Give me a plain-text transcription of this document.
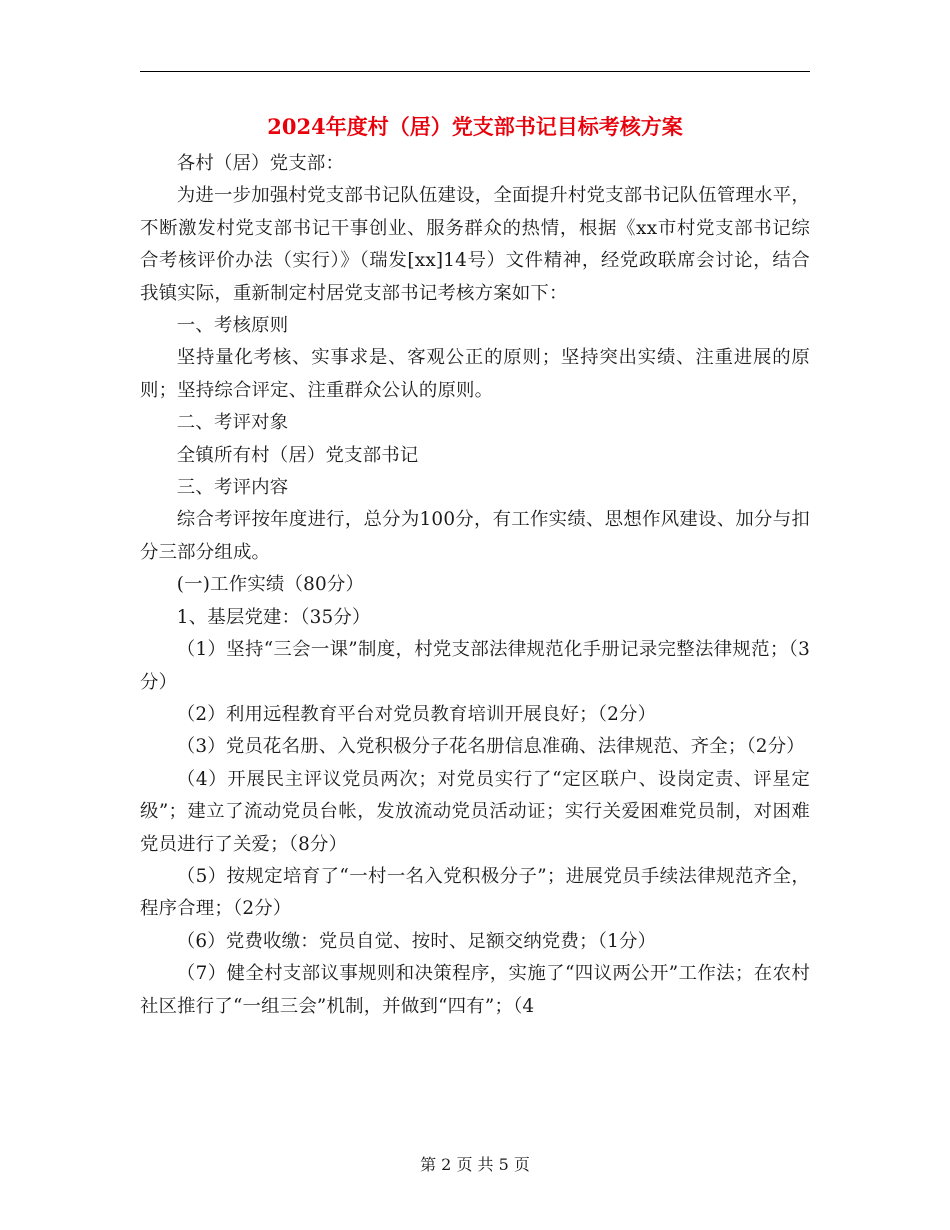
2024年度村（居）党支部书记目标考核方案

各村（居）党支部：

为进一步加强村党支部书记队伍建设，全面提升村党支部书记队伍管理水平，不断激发村党支部书记干事创业、服务群众的热情，根据《xx市村党支部书记综合考核评价办法（实行）》（瑞发[xx]14号）文件精神，经党政联席会讨论，结合我镇实际，重新制定村居党支部书记考核方案如下：

一、考核原则

坚持量化考核、实事求是、客观公正的原则；坚持突出实绩、注重进展的原则；坚持综合评定、注重群众公认的原则。

二、考评对象

全镇所有村（居）党支部书记

三、考评内容

综合考评按年度进行，总分为100分，有工作实绩、思想作风建设、加分与扣分三部分组成。

(一)工作实绩（80分）

1、基层党建：（35分）

（1）坚持“三会一课”制度，村党支部法律规范化手册记录完整法律规范；（3分）

（2）利用远程教育平台对党员教育培训开展良好；（2分）

（3）党员花名册、入党积极分子花名册信息准确、法律规范、齐全；（2分）

（4）开展民主评议党员两次；对党员实行了“定区联户、设岗定责、评星定级”；建立了流动党员台帐，发放流动党员活动证；实行关爱困难党员制，对困难党员进行了关爱；（8分）

（5）按规定培育了“一村一名入党积极分子”；进展党员手续法律规范齐全，程序合理；（2分）

（6）党费收缴：党员自觉、按时、足额交纳党费；（1分）

（7）健全村支部议事规则和决策程序，实施了“四议两公开”工作法；在农村社区推行了“一组三会”机制，并做到“四有”；（4

第 2 页 共 5 页
